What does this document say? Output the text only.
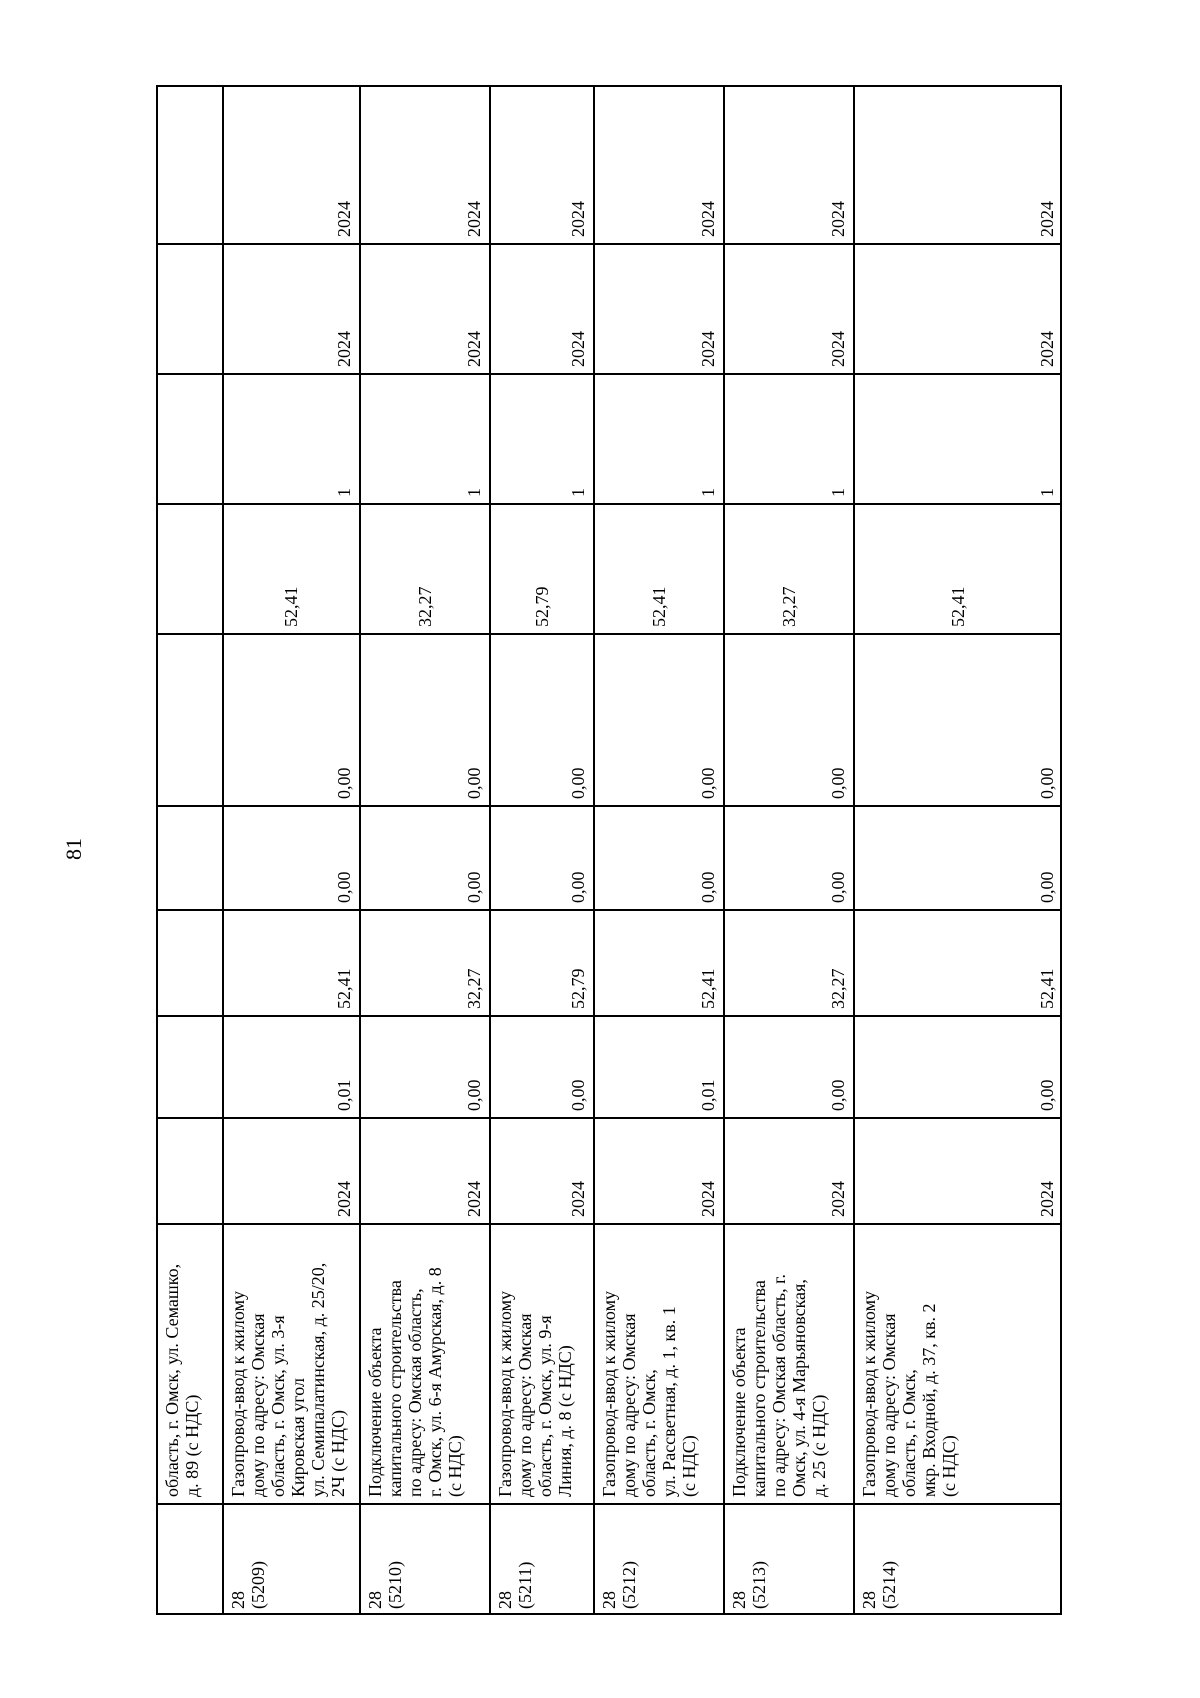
81
область, г. Омск, ул. Семашко,
д. 89 (с НДС)
28
(5209)
Газопровод-ввод к жилому
дому по адресу: Омская
область, г. Омск, ул. 3-я
Кировская угол
ул. Семипалатинская, д. 25/20,
2Ч (с НДС)
2024
0,01
52,41
0,00
0,00
52,41
1
2024
2024
28
(5210)
Подключение объекта
капитального строительства
по адресу: Омская область,
г. Омск, ул. 6-я Амурская, д. 8
(с НДС)
2024
0,00
32,27
0,00
0,00
32,27
1
2024
2024
28
(5211)
Газопровод-ввод к жилому
дому по адресу: Омская
область, г. Омск, ул. 9-я
Линия, д. 8 (с НДС)
2024
0,00
52,79
0,00
0,00
52,79
1
2024
2024
28
(5212)
Газопровод-ввод к жилому
дому по адресу: Омская
область, г. Омск,
ул. Рассветная, д. 1, кв. 1
(с НДС)
2024
0,01
52,41
0,00
0,00
52,41
1
2024
2024
28
(5213)
Подключение объекта
капитального строительства
по адресу: Омская область, г.
Омск, ул. 4-я Марьяновская,
д. 25 (с НДС)
2024
0,00
32,27
0,00
0,00
32,27
1
2024
2024
28
(5214)
Газопровод-ввод к жилому
дому по адресу: Омская
область, г. Омск,
мкр. Входной, д. 37, кв. 2
(с НДС)
2024
0,00
52,41
0,00
0,00
52,41
1
2024
2024
